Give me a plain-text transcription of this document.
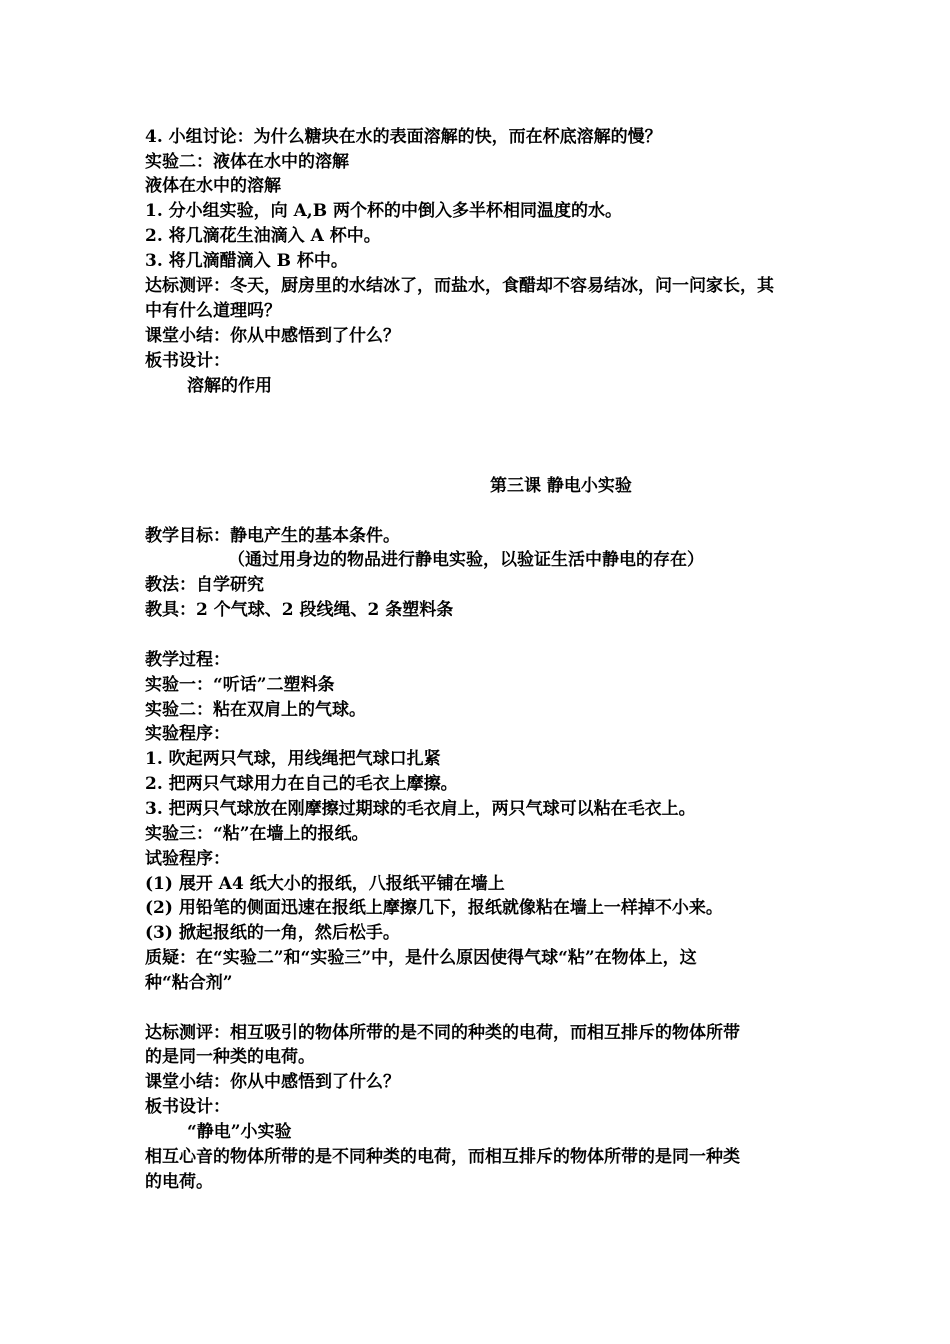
4. 小组讨论：为什么糖块在水的表面溶解的快，而在杯底溶解的慢？
实验二：液体在水中的溶解
液体在水中的溶解
1. 分小组实验，向 A,B 两个杯的中倒入多半杯相同温度的水。
2. 将几滴花生油滴入 A 杯中。
3. 将几滴醋滴入 B 杯中。
达标测评：冬天，厨房里的水结冰了，而盐水，食醋却不容易结冰，问一问家长，其
中有什么道理吗？
课堂小结：你从中感悟到了什么？
板书设计：
溶解的作用
第三课 静电小实验
教学目标：静电产生的基本条件。
（通过用身边的物品进行静电实验，以验证生活中静电的存在）
教法：自学研究
教具：2 个气球、2 段线绳、2 条塑料条
教学过程：
实验一：“听话”二塑料条
实验二：粘在双肩上的气球。
实验程序：
1. 吹起两只气球，用线绳把气球口扎紧
2. 把两只气球用力在自己的毛衣上摩擦。
3. 把两只气球放在刚摩擦过期球的毛衣肩上，两只气球可以粘在毛衣上。
实验三：“粘”在墙上的报纸。
试验程序：
(1) 展开 A4 纸大小的报纸，八报纸平铺在墙上
(2) 用铅笔的侧面迅速在报纸上摩擦几下，报纸就像粘在墙上一样掉不小来。
(3) 掀起报纸的一角，然后松手。
质疑：在“实验二”和“实验三”中，是什么原因使得气球“粘”在物体上，这
种“粘合剂”
达标测评：相互吸引的物体所带的是不同的种类的电荷，而相互排斥的物体所带
的是同一种类的电荷。
课堂小结：你从中感悟到了什么？
板书设计：
“静电”小实验
相互心音的物体所带的是不同种类的电荷，而相互排斥的物体所带的是同一种类
的电荷。
